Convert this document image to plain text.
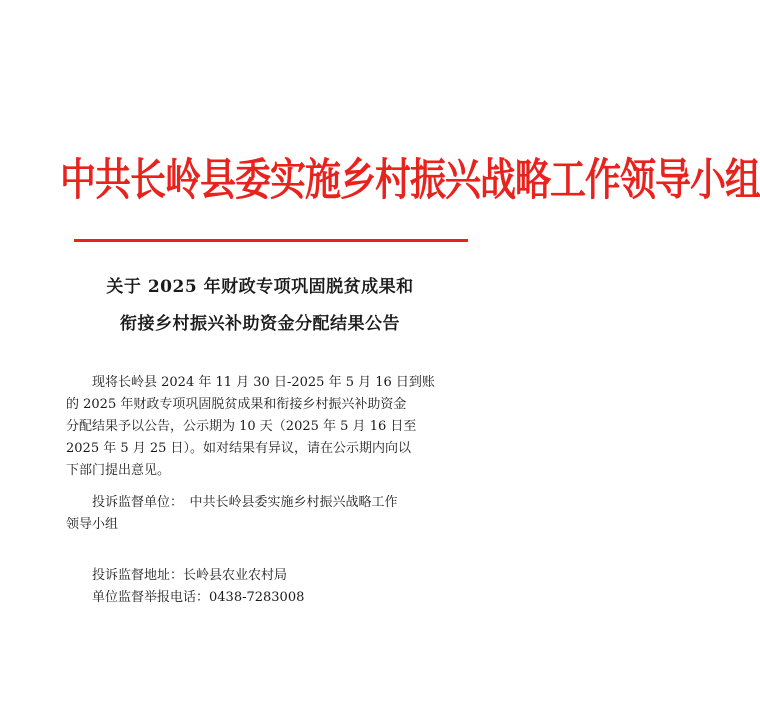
中共长岭县委实施乡村振兴战略工作领导小组
关于 2025 年财政专项巩固脱贫成果和
衔接乡村振兴补助资金分配结果公告
现将长岭县 2024 年 11 月 30 日-2025 年 5 月 16 日到账
的 2025 年财政专项巩固脱贫成果和衔接乡村振兴补助资金
分配结果予以公告，公示期为 10 天（2025 年 5 月 16 日至
2025 年 5 月 25 日）。如对结果有异议，请在公示期内向以
下部门提出意见。
投诉监督单位：　中共长岭县委实施乡村振兴战略工作
领导小组
投诉监督地址：长岭县农业农村局
单位监督举报电话：0438-7283008
